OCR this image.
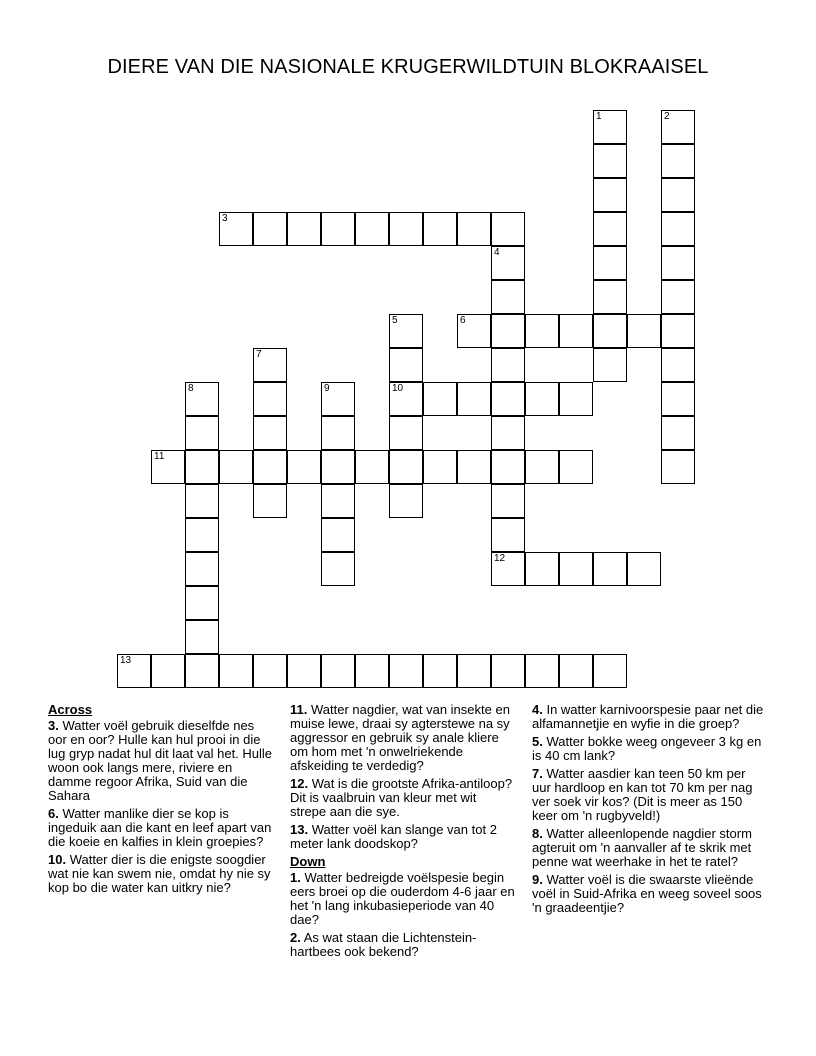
DIERE VAN DIE NASIONALE KRUGERWILDTUIN BLOKRAAISEL
1	2
3
4
5	6
7
8	9	10
11
12
13
Across
3. Watter voël gebruik dieselfde nes oor en oor? Hulle kan hul prooi in die lug gryp nadat hul dit laat val het. Hulle woon ook langs mere, riviere en damme regoor Afrika, Suid van die Sahara
6. Watter manlike dier se kop is ingeduik aan die kant en leef apart van die koeie en kalfies in klein groepies?
10. Watter dier is die enigste soogdier wat nie kan swem nie, omdat hy nie sy kop bo die water kan uitkry nie?
11. Watter nagdier, wat van insekte en muise lewe, draai sy agterstewe na sy aggressor en gebruik sy anale kliere om hom met 'n onwelriekende afskeiding te verdedig?
12. Wat is die grootste Afrika-antiloop? Dit is vaalbruin van kleur met wit strepe aan die sye.
13. Watter voël kan slange van tot 2 meter lank doodskop?
Down
1. Watter bedreigde voëlspesie begin eers broei op die ouderdom 4-6 jaar en het 'n lang inkubasieperiode van 40 dae?
2. As wat staan die Lichtenstein-hartbees ook bekend?
4. In watter karnivoorspesie paar net die alfamannetjie en wyfie in die groep?
5. Watter bokke weeg ongeveer 3 kg en is 40 cm lank?
7. Watter aasdier kan teen 50 km per uur hardloop en kan tot 70 km per nag ver soek vir kos? (Dit is meer as 150 keer om 'n rugbyveld!)
8. Watter alleenlopende nagdier storm agteruit om 'n aanvaller af te skrik met penne wat weerhake in het te ratel?
9. Watter voël is die swaarste vlieënde voël in Suid-Afrika en weeg soveel soos 'n graadeentjie?
